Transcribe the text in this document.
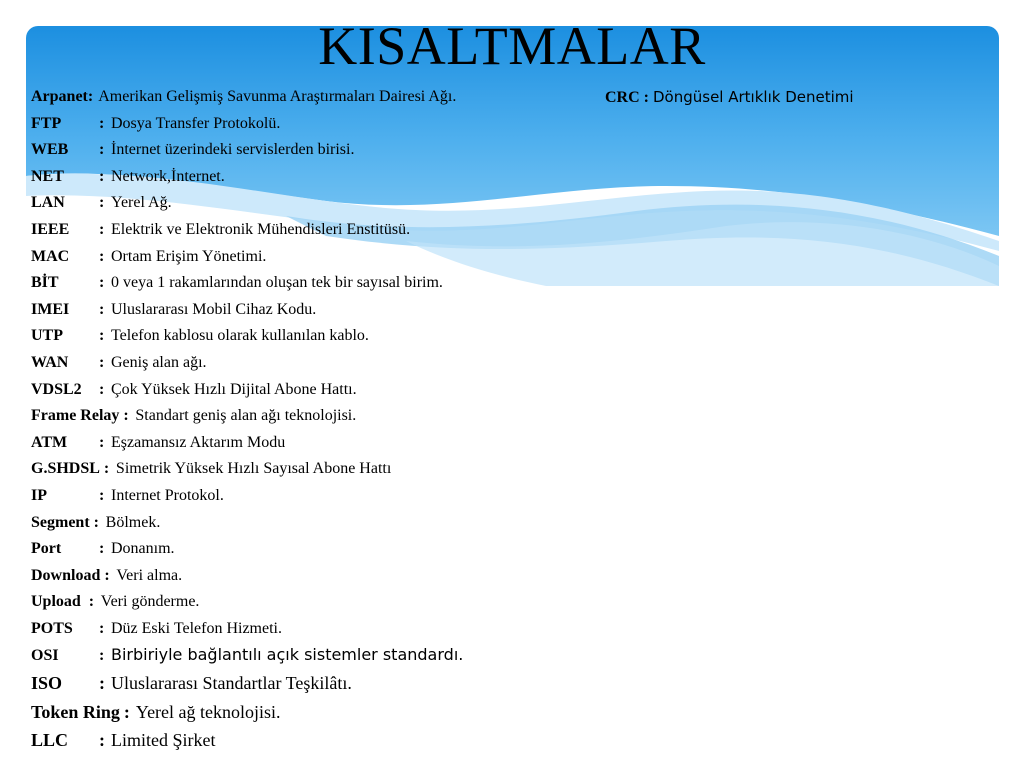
KISALTMALAR
CRC : Döngüsel Artıklık Denetimi
Arpanet: Amerikan Gelişmiş Savunma Araştırmaları Dairesi Ağı.
FTP	: Dosya Transfer Protokolü.
WEB	: İnternet üzerindeki servislerden birisi.
NET	: Network,İnternet.
LAN	: Yerel Ağ.
IEEE	: Elektrik ve Elektronik Mühendisleri Enstitüsü.
MAC	: Ortam Erişim Yönetimi.
BİT	: 0 veya 1 rakamlarından oluşan tek bir sayısal birim.
IMEI	: Uluslararası Mobil Cihaz Kodu.
UTP	: Telefon kablosu olarak kullanılan kablo.
WAN	: Geniş alan ağı.
VDSL2	: Çok Yüksek Hızlı Dijital Abone Hattı.
Frame Relay : Standart geniş alan ağı teknolojisi.
ATM	: Eşzamansız Aktarım Modu
G.SHDSL : Simetrik Yüksek Hızlı Sayısal Abone Hattı
IP	: Internet Protokol.
Segment : Bölmek.
Port	: Donanım.
Download : Veri alma.
Upload : Veri gönderme.
POTS	: Düz Eski Telefon Hizmeti.
OSI	: Birbiriyle bağlantılı açık sistemler standardı.
ISO	: Uluslararası Standartlar Teşkilâtı.
Token Ring : Yerel ağ teknolojisi.
LLC	: Limited Şirket
